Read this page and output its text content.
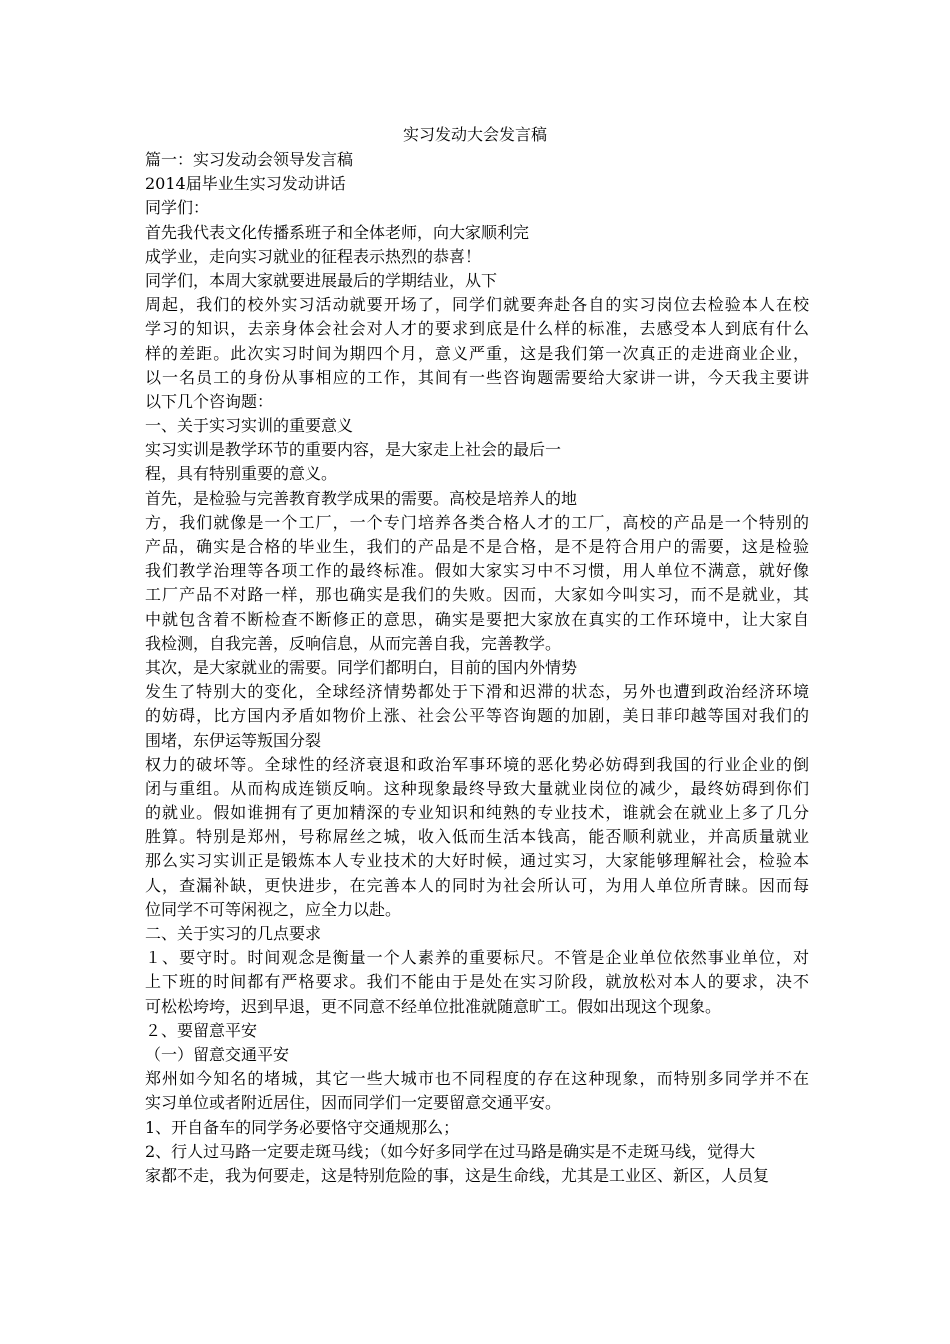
实习发动大会发言稿
篇一：实习发动会领导发言稿
2014届毕业生实习发动讲话
同学们：
首先我代表文化传播系班子和全体老师，向大家顺利完
成学业，走向实习就业的征程表示热烈的恭喜！
同学们，本周大家就要进展最后的学期结业，从下
周起，我们的校外实习活动就要开场了，同学们就要奔赴各自的实习岗位去检验本人在校
学习的知识，去亲身体会社会对人才的要求到底是什么样的标准，去感受本人到底有什么
样的差距。此次实习时间为期四个月，意义严重，这是我们第一次真正的走进商业企业，
以一名员工的身份从事相应的工作，其间有一些咨询题需要给大家讲一讲，今天我主要讲
以下几个咨询题：
一、关于实习实训的重要意义
实习实训是教学环节的重要内容，是大家走上社会的最后一
程，具有特别重要的意义。
首先，是检验与完善教育教学成果的需要。高校是培养人的地
方，我们就像是一个工厂，一个专门培养各类合格人才的工厂，高校的产品是一个特别的
产品，确实是合格的毕业生，我们的产品是不是合格，是不是符合用户的需要，这是检验
我们教学治理等各项工作的最终标准。假如大家实习中不习惯，用人单位不满意，就好像
工厂产品不对路一样，那也确实是我们的失败。因而，大家如今叫实习，而不是就业，其
中就包含着不断检查不断修正的意思，确实是要把大家放在真实的工作环境中，让大家自
我检测，自我完善，反响信息，从而完善自我，完善教学。
其次，是大家就业的需要。同学们都明白，目前的国内外情势
发生了特别大的变化，全球经济情势都处于下滑和迟滞的状态，另外也遭到政治经济环境
的妨碍，比方国内矛盾如物价上涨、社会公平等咨询题的加剧，美日菲印越等国对我们的
围堵，东伊运等叛国分裂
权力的破坏等。全球性的经济衰退和政治军事环境的恶化势必妨碍到我国的行业企业的倒
闭与重组。从而构成连锁反响。这种现象最终导致大量就业岗位的减少，最终妨碍到你们
的就业。假如谁拥有了更加精深的专业知识和纯熟的专业技术，谁就会在就业上多了几分
胜算。特别是郑州，号称屌丝之城，收入低而生活本钱高，能否顺利就业，并高质量就业
那么实习实训正是锻炼本人专业技术的大好时候，通过实习，大家能够理解社会，检验本
人，查漏补缺，更快进步，在完善本人的同时为社会所认可，为用人单位所青睐。因而每
位同学不可等闲视之，应全力以赴。
二、关于实习的几点要求
１、要守时。时间观念是衡量一个人素养的重要标尺。不管是企业单位依然事业单位，对
上下班的时间都有严格要求。我们不能由于是处在实习阶段，就放松对本人的要求，决不
可松松垮垮，迟到早退，更不同意不经单位批准就随意旷工。假如出现这个现象。
２、要留意平安
（一）留意交通平安
郑州如今知名的堵城，其它一些大城市也不同程度的存在这种现象，而特别多同学并不在
实习单位或者附近居住，因而同学们一定要留意交通平安。
1、开自备车的同学务必要恪守交通规那么；
2、行人过马路一定要走斑马线；（如今好多同学在过马路是确实是不走斑马线，觉得大
家都不走，我为何要走，这是特别危险的事，这是生命线，尤其是工业区、新区，人员复
